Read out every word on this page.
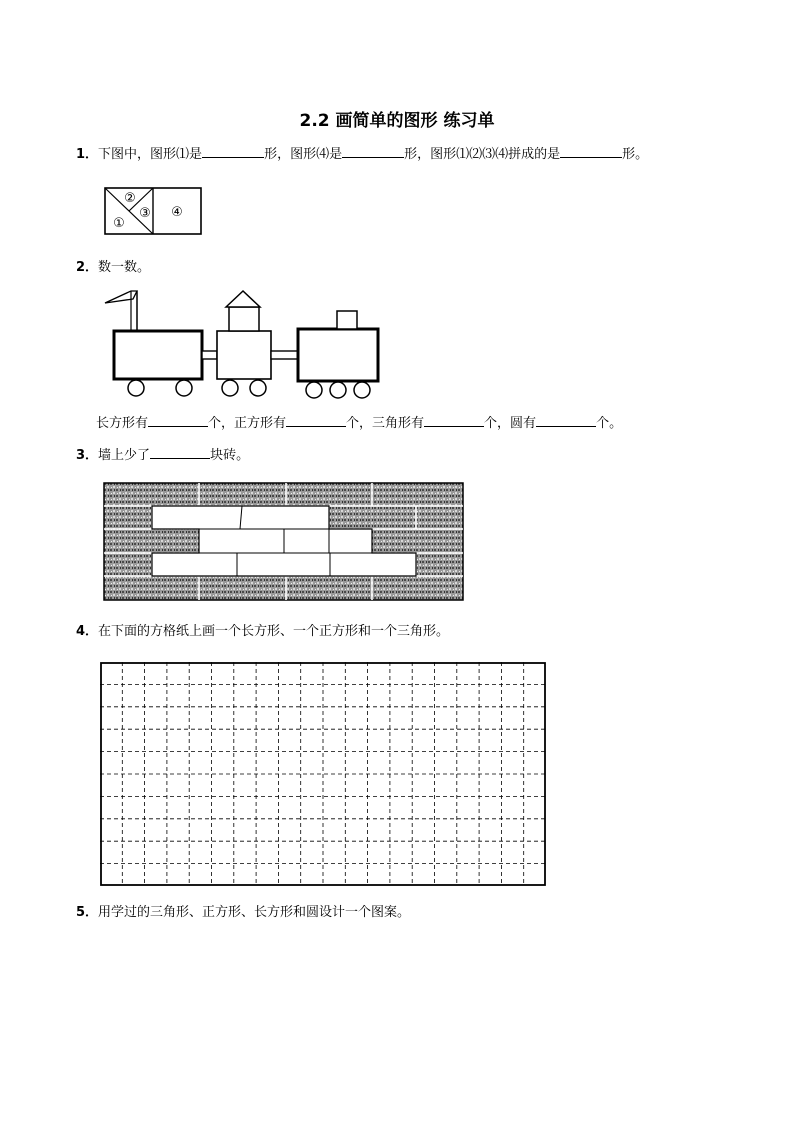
2.2 画简单的图形 练习单
1．下图中，图形⑴是	形，图形⑷是	形，图形⑴⑵⑶⑷拼成的是	形。
②
①
③ ④
2．数一数。
长方形有	个，正方形有	个，三角形有	个，圆有	个。
3．墙上少了	块砖。
4．在下面的方格纸上画一个长方形、一个正方形和一个三角形。
5．用学过的三角形、正方形、长方形和圆设计一个图案。
